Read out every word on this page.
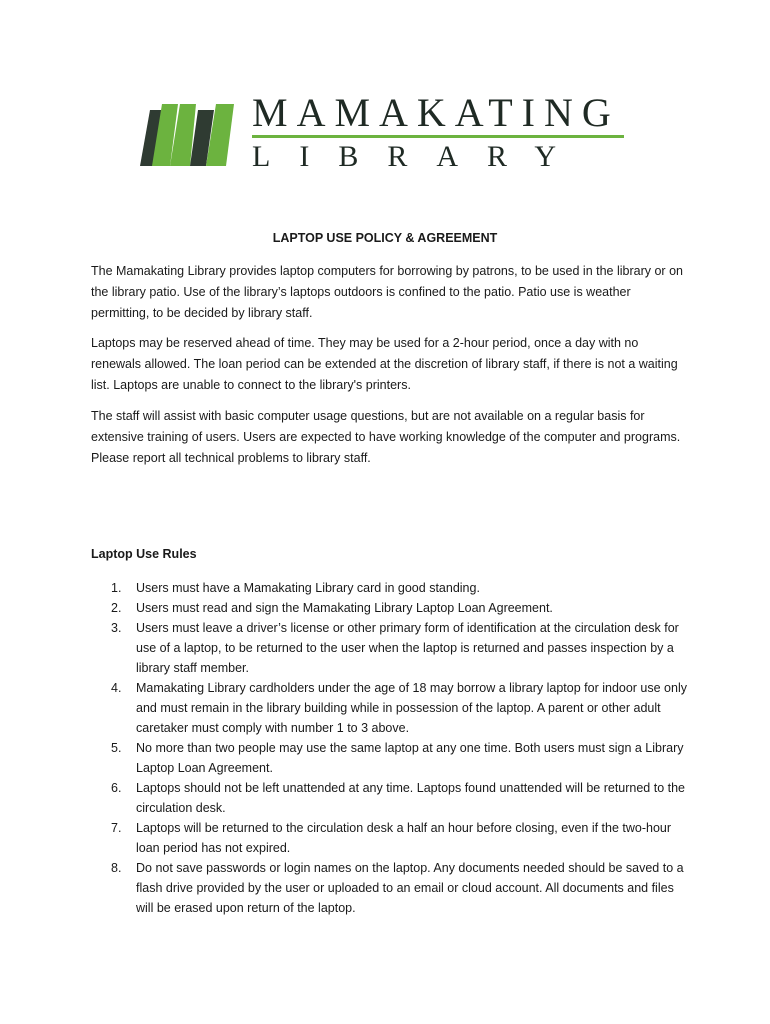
MAMAKATING
LIBRARY
LAPTOP USE POLICY & AGREEMENT

The Mamakating Library provides laptop computers for borrowing by patrons, to be used in the library or on the library patio. Use of the library’s laptops outdoors is confined to the patio. Patio use is weather permitting, to be decided by library staff.

Laptops may be reserved ahead of time. They may be used for a 2-hour period, once a day with no renewals allowed. The loan period can be extended at the discretion of library staff, if there is not a waiting list. Laptops are unable to connect to the library's printers.

The staff will assist with basic computer usage questions, but are not available on a regular basis for extensive training of users. Users are expected to have working knowledge of the computer and programs. Please report all technical problems to library staff.

Laptop Use Rules
1. Users must have a Mamakating Library card in good standing.
2. Users must read and sign the Mamakating Library Laptop Loan Agreement.
3. Users must leave a driver’s license or other primary form of identification at the circulation desk for use of a laptop, to be returned to the user when the laptop is returned and passes inspection by a library staff member.
4. Mamakating Library cardholders under the age of 18 may borrow a library laptop for indoor use only and must remain in the library building while in possession of the laptop. A parent or other adult caretaker must comply with number 1 to 3 above.
5. No more than two people may use the same laptop at any one time. Both users must sign a Library Laptop Loan Agreement.
6. Laptops should not be left unattended at any time. Laptops found unattended will be returned to the circulation desk.
7. Laptops will be returned to the circulation desk a half an hour before closing, even if the two-hour loan period has not expired.
8. Do not save passwords or login names on the laptop. Any documents needed should be saved to a flash drive provided by the user or uploaded to an email or cloud account. All documents and files will be erased upon return of the laptop.
